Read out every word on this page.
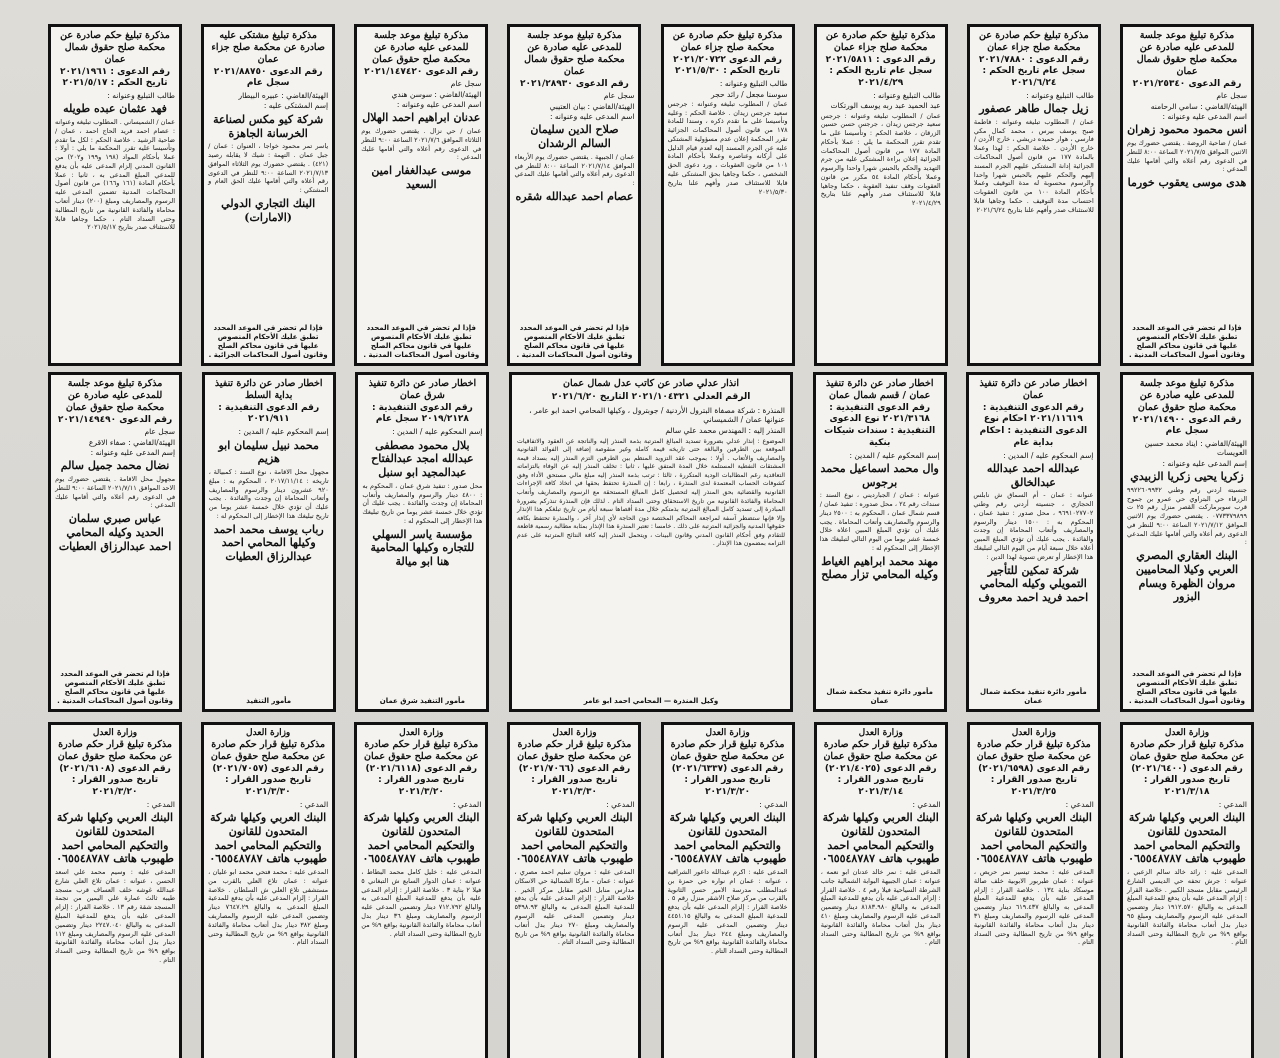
مذكرة تبليغ موعد جلسة للمدعى عليه صادرة عن محكمة صلح حقوق شمال عمان
رقم الدعوى ٢٠٢١/٢٥٣٤٠
سجل عام
الهيئة/القاضي : سامي الرحامنه
اسم المدعى عليه وعنوانه :
انس محمود محمود زهران
عمان / ضاحية الروضة . يقتضي حضورك يوم الاثنين الموافق ٢٠٢١/٧/٥ الساعة ٨:٠٠ للنظر في الدعوى رقم أعلاه والتي أقامها عليك المدعي :
هدى موسى يعقوب خورما
فإذا لم تحضر في الموعد المحدد تطبق عليك الأحكام المنصوص عليها في قانون محاكم الصلح وقانون أصول المحاكمات المدنية .
مذكرة تبليغ حكم صادرة عن محكمة صلح جزاء عمان
رقم الدعوى : ٢٠٢١/٧٨٨٠ سجل عام تاريخ الحكم : ٢٠٢١/٦/٢٤
طالب التبليغ وعنوانه :
زيل جمال طاهر عصفور
عمان / المطلوب تبليغه وعنوانه : فاطمة صبح يوسف بيرس ، محمد كمال مكي فارسي ، هوار حميده دريشي ، خارج الأردن / خارج الأردن . خلاصة الحكم : لهذا وعملا بالمادة ١٧٧ من قانون أصول المحاكمات الجزائية إدانة المشتكى عليهم الجرم المسند إليهم والحكم عليهم بالحبس شهرا واحدا والرسوم محسوبة له مدة التوقيف وعملا بأحكام المادة ١٠٠ من قانون العقوبات احتساب مدة التوقيف . حكما وجاهيا قابلا للاستئناف صدر وأفهم علنا بتاريخ ٢٠٢١/٦/٢٤
مذكرة تبليغ حكم صادرة عن محكمة صلح جزاء عمان
رقم الدعوى : ٢٠٢١/٥٨١١ سجل عام تاريخ الحكم : ٢٠٢١/٤/٢٩
طالب التبليغ وعنوانه :
عبد الحميد عبد ربه يوسف الورتكات
عمان / المطلوب تبليغه وعنوانه : جرجس سعيد جرجس زيدان ، جرجس حسن حسين الزرقان ، خلاصة الحكم : وتأسيسا على ما تقدم تقرر المحكمة ما يلي : عملا بأحكام المادة ١٧٧ من قانون أصول المحاكمات الجزائية إعلان براءة المشتكى عليه من جرم التهديد والحكم بالحبس شهرا واحدا والرسوم وعملا بأحكام المادة ٥٤ مكرر من قانون العقوبات وقف تنفيذ العقوبة ، حكما وجاهيا قابلا للاستئناف صدر وأفهم علنا بتاريخ ٢٠٢١/٤/٢٩
مذكرة تبليغ حكم صادرة عن محكمة صلح جزاء عمان
رقم الدعوى ٢٠٢١/٢٠٧٢٢ تاريخ الحكم : ٢٠٢١/٥/٣٠
طالب التبليغ وعنوانه :
سوسنا مجعل / رائد حجر
عمان / المطلوب تبليغه وعنوانه : جرجس سعيد جرجس زيدان . خلاصة الحكم : وعليه وتأسيسا على ما تقدم ذكره ، وسندا للمادة ١٧٨ من قانون أصول المحاكمات الجزائية تقرر المحكمة إعلان عدم مسؤولية المشتكى عليه عن الجرم المسند إليه لعدم قيام الدليل على أركانه وعناصره وعملا بأحكام المادة ١٠١ من قانون العقوبات ، ورد دعوى الحق الشخصي ، حكما وجاهيا بحق المشتكى عليه قابلا للاستئناف صدر وأفهم علنا بتاريخ ٢٠٢١/٥/٣٠
مذكرة تبليغ موعد جلسة للمدعى عليه صادرة عن محكمة صلح حقوق شمال عمان
رقم الدعوى ٢٠٢١/٢٨٩٣٠
سجل عام
الهيئة/القاضي : بيان العتيبي
اسم المدعى عليه وعنوانه :
صلاح الدين سليمان السالم الرشدان
عمان / الجبيهة . يقتضي حضورك يوم الأربعاء الموافق ٢٠٢١/٧/١٤ الساعة ٨:٠٠ للنظر في الدعوى رقم أعلاه والتي أقامها عليك المدعي :
عصام احمد عبدالله شقره
فإذا لم تحضر في الموعد المحدد تطبق عليك الأحكام المنصوص عليها في قانون محاكم الصلح وقانون أصول المحاكمات المدنية .
مذكرة تبليغ موعد جلسة للمدعى عليه صادرة عن محكمة صلح حقوق عمان
رقم الدعوى ٢٠٢١/١٤٧٤٢٠
سجل عام
الهيئة/القاضي : سوسن هندي
اسم المدعى عليه وعنوانه :
عدنان ابراهيم احمد الهلال
عمان / حي نزال . يقتضي حضورك يوم الثلاثاء الموافق ٢٠٢١/٧/٦ الساعة ٩:٠٠ للنظر في الدعوى رقم أعلاه والتي أقامها عليك المدعي :
موسى عبدالغفار امين السعيد
فإذا لم تحضر في الموعد المحدد تطبق عليك الأحكام المنصوص عليها في قانون محاكم الصلح وقانون أصول المحاكمات المدنية .
مذكرة تبليغ مشتكى عليه صادرة عن محكمة صلح جزاء عمان
رقم الدعوى ٢٠٢١/٨٨٧٥٠ سجل عام
الهيئة/القاضي : عبيره البيطار
إسم المشتكى عليه :
شركة كيو مكس لصناعة الخرسانة الجاهزة
ياسر تمر محمود خواجا ، العنوان : عمان / جبل عمان . التهمة : شيك لا يقابله رصيد (٤٢١) . يقتضي حضورك يوم الثلاثاء الموافق ٢٠٢١/٧/١٣ الساعة ٩:٠٠ للنظر في الدعوى رقم أعلاه والتي أقامها عليك الحق العام و المشتكي :
البنك التجاري الدولي (الامارات)
فإذا لم تحضر في الموعد المحدد تطبق عليك الأحكام المنصوص عليها في قانون محاكم الصلح وقانون أصول المحاكمات الجزائية .
مذكرة تبليغ حكم صادرة عن محكمة صلح حقوق شمال عمان
رقم الدعوى : ٢٠٢١/١٩٦١ تاريخ الحكم : ٢٠٢١/٥/١٧
طالب التبليغ وعنوانه :
فهد عثمان عبده طويله
عمان / الشميساني . المطلوب تبليغه وعنوانه : عصام احمد فريد الحاج احمد ، عمان / ضاحية الرشيد . خلاصة الحكم : لكل ما تقدم وتأسيسا عليه تقرر المحكمة ما يلي : أولا : عملا بأحكام المواد (١٩٨ و١٩٩ و٢٠٢) من القانون المدني إلزام المدعى عليه بأن يدفع للمدعي المبلغ المدعى به ، ثانيا : عملا بأحكام المادة (١٦١ و١٦٦) من قانون أصول المحاكمات المدنية تضمين المدعى عليه الرسوم والمصاريف ومبلغ (٢٠٠) دينار أتعاب محاماة والفائدة القانونية من تاريخ المطالبة وحتى السداد التام ، حكما وجاهيا قابلا للاستئناف صدر بتاريخ ٢٠٢١/٥/١٧
مذكرة تبليغ موعد جلسة للمدعى عليه صادرة عن محكمة صلح حقوق عمان
رقم الدعوى ٢٠٢١/١٤٩٠٠ سجل عام
الهيئة/القاضي : ايناد محمد حسين العويسات
إسم المدعى عليه وعنوانه :
زكريا يحيى زكريا الزبيدي
جنسيته اردني رقم وطني ٩٩٢٢٦٠٩٩٣٢ الزرقاء حي البتراوي حي عمرو بن جموح قرب سوبرماركت القصر منزل رقم ٢٥ ت ٠٧٧٣٣٧٩٨٩٩ . يقتضي حضورك يوم الاثنين الموافق ٢٠٢١/٧/١٢ الساعة ٩:٠٠ للنظر في الدعوى رقم أعلاه والتي أقامها عليك المدعي :
البنك العقاري المصري العربي وكيلا المحاميين مروان الظهرة وبسام البزور
فإذا لم تحضر في الموعد المحدد تطبق عليك الأحكام المنصوص عليها في قانون محاكم الصلح وقانون أصول المحاكمات المدنية .
اخطار صادر عن دائرة تنفيذ عمان
رقم الدعوى التنفيذية : ٢٠٢١/١١٦١٩ احكام نوع الدعوى التنفيذية : احكام بداية عام
إسم المحكوم عليه / المدين :
عبدالله احمد عبدالله عبدالخالق
عنوانه : عمان - أم السماق ش نابلس الحجازي ، جنسيته أردني رقم وطني ٩٦٩١٠٢٧٧٠٢ ، محل صدور : تنفيذ عمان ، المحكوم به : ١٥٠٠ دينار والرسوم والمصاريف وأتعاب المحاماة إن وجدت والفائدة . يجب عليك أن تؤدي المبلغ المبين أعلاه خلال سبعة أيام من اليوم التالي لتبليغك هذا الإخطار أو تعرض تسوية لهذا الدين :
شركة تمكين للتأجير التمويلي وكيله المحامي احمد فريد احمد معروف
مأمور دائرة تنفيذ محكمة شمال عمان
اخطار صادر عن دائرة تنفيذ عمان / قسم شمال عمان
رقم الدعوى التنفيذية : ٢٠٢١/٣١٦٨ نوع الدعوى التنفيذية : سندات شيكات بنكية
إسم المحكوم عليه / المدين :
وال محمد اسماعيل محمد برجوس
عنوانه : عمان / الجبارديني ، نوع السند : سندات رقم ٢٤ ، محل صدوره : تنفيذ عمان / قسم شمال عمان ، المحكوم به : ٢٥٠٠ دينار والرسوم والمصاريف وأتعاب المحاماة . يجب عليك أن تؤدي المبلغ المبين اعلاه خلال خمسة عشر يوما من اليوم التالي لتبليغك هذا الإخطار إلى المحكوم له :
مهند محمد ابراهيم الغياط وكيله المحامي تزار مصلح
مأمور دائرة تنفيذ محكمة شمال عمان
انذار عدلي صادر عن كاتب عدل شمال عمان
الرقم العدلي ٢٠٢١/١٠٤٣٢١ التاريخ ٢٠٢١/٦/٢٠
المنذرة : شركة مصفاة البترول الأردنية / جوبترول ، وكيلها المحامي احمد ابو عامر ، عنوانها عمان / الشميساني
المنذر إليه : المهندس محمد علي سالم
الموضوع : إنذار عدلي بضرورة تسديد المبالغ المترتبة بذمة المنذر إليه والناتجة عن العقود والاتفاقيات الموقعة بين الطرفين والبالغة حتى تاريخه قيمة كاملة وغير منقوصة إضافة إلى الفوائد القانونية والمصاريف والأتعاب . أولا : بموجب عقد التزويد المنظم بين الطرفين التزم المنذر إليه بسداد قيمة المشتقات النفطية المستلمة خلال المدة المتفق عليها ، ثانيا : تخلف المنذر إليه عن الوفاء بالتزاماته التعاقدية رغم المطالبات الودية المتكررة ، ثالثا : ترتب بذمة المنذر إليه مبلغ مالي مستحق الأداء وفق كشوفات الحساب المعتمدة لدى المنذرة ، رابعا : إن المنذرة تحتفظ بحقها في اتخاذ كافة الإجراءات القانونية والقضائية بحق المنذر إليه لتحصيل كامل المبالغ المستحقة مع الرسوم والمصاريف وأتعاب المحاماة والفائدة القانونية من تاريخ الاستحقاق وحتى السداد التام . لذلك فإن المنذرة تنذركم بضرورة المبادرة إلى تسديد كامل المبالغ المترتبة بذمتكم خلال مدة أقصاها سبعة أيام من تاريخ تبلغكم هذا الإنذار وإلا فإنها ستضطر آسفة لمراجعة المحاكم المختصة دون الحاجة لأي إنذار آخر ، والمنذرة تحتفظ بكافة حقوقها المدنية والجزائية المترتبة على ذلك . خامسا : تعتبر المنذرة هذا الإنذار بمثابة مطالبة رسمية قاطعة للتقادم وفق أحكام القانون المدني وقانون البينات ، ويتحمل المنذر إليه كافة النتائج المترتبة على عدم التزامه بمضمون هذا الإنذار .
وكيل المنذرة — المحامي احمد ابو عامر
اخطار صادر عن دائرة تنفيذ شرق عمان
رقم الدعوى التنفيذية : ٢٠١٩/٢١٢٨ سجل عام
إسم المحكوم عليه / المدين :
بلال محمود مصطفى عبدالله امجد عبدالفتاح عبدالمجيد ابو سنبل
محل صدور : تنفيذ شرق عمان ، المحكوم به : ٤٨٠٠ دينار والرسوم والمصاريف وأتعاب المحاماة إن وجدت والفائدة . يجب عليك أن تؤدي خلال خمسة عشر يوما من تاريخ تبليغك هذا الإخطار إلى المحكوم له :
مؤسسة ياسر السهلي للتجاره وكيلها المحامية هنا ابو ميالة
مأمور التنفيذ شرق عمان
اخطار صادر عن دائرة تنفيذ بداية السلط
رقم الدعوى التنفيذية : ٢٠٢١/٩١١
إسم المحكوم عليه / المدين :
محمد نبيل سليمان ابو هزيم
مجهول محل الاقامة ، نوع السند : كمبيالة ، تاريخه : ٢٠١٧/١١/١٤ ، المحكوم به : مبلغ ٩٢٠ عشرون دينار والرسوم والمصاريف وأتعاب المحاماة إن وجدت والفائدة . يجب عليك أن تؤدي خلال خمسة عشر يوما من تاريخ تبليغك هذا الإخطار إلى المحكوم له :
رباب يوسف محمد احمد وكيلها المحامي احمد عبدالرزاق العطيات
مأمور التنفيذ
مذكرة تبليغ موعد جلسة للمدعى عليه صادرة عن محكمة صلح حقوق عمان
رقم الدعوى ٢٠٢١/١٤٩٤٩٠
سجل عام
الهيئة/القاضي : صفاء الاقرع
إسم المدعى عليه وعنوانه :
نضال محمد جميل سالم
مجهول محل الاقامة . يقتضي حضورك يوم الاحد الموافق ٢٠٢١/٧/١١ الساعة ٩:٠٠ للنظر في الدعوى رقم أعلاه والتي أقامها عليك المدعي :
عباس صبري سلمان الحديد وكيله المحامي احمد عبدالرزاق العطيات
فإذا لم تحضر في الموعد المحدد تطبق عليك الأحكام المنصوص عليها في قانون محاكم الصلح وقانون أصول المحاكمات المدنية .
وزارة العدل
مذكرة تبليغ قرار حكم صادرة عن محكمة صلح حقوق عمان
رقم الدعوى (٢٠٢١/٦٤٠٠) تاريخ صدور القرار : ٢٠٢١/٣/١٨
المدعي :
البنك العربي وكيلها شركة المتحدون للقانون والتحكيم المحامي احمد طهبوب هاتف ٠٦٥٥٤٨٧٨٧
المدعى عليه : رائد خالد سالم الزعبي ، عنوانه : جرش تحفه حي الديسي الشارع الرئيسي مقابل مسجد الكبير . خلاصة القرار : إلزام المدعى عليه بأن يدفع للمدعية المبلغ المدعى به والبالغ ١٩١٢.٥٧٠ دينار وتضمين المدعى عليه الرسوم والمصاريف ومبلغ ٩٥ دينار بدل أتعاب محاماة والفائدة القانونية بواقع ٩% من تاريخ المطالبة وحتى السداد التام .
وزارة العدل
مذكرة تبليغ قرار حكم صادرة عن محكمة صلح حقوق عمان
رقم الدعوى (٢٠٢١/٦٥٩٨) تاريخ صدور القرار : ٢٠٢١/٣/٢٥
المدعي :
البنك العربي وكيلها شركة المتحدون للقانون والتحكيم المحامي احمد طهبوب هاتف ٠٦٥٥٤٨٧٨٧
المدعى عليه : محمد تيسير نمر حريص ، عنوانه : عمان طبربور الابوبية خلف صالة موسكاد بناية ١٣٤ . خلاصة القرار : إلزام المدعى عليه بأن يدفع للمدعية المبلغ المدعى به والبالغ ٦١٩.٤٣٧ دينار وتضمين المدعى عليه الرسوم والمصاريف ومبلغ ٣١ دينار بدل أتعاب محاماة والفائدة القانونية بواقع ٩% من تاريخ المطالبة وحتى السداد التام .
وزارة العدل
مذكرة تبليغ قرار حكم صادرة عن محكمة صلح حقوق عمان
رقم الدعوى (٢٠٢١/٤٠٢٥) تاريخ صدور القرار : ٢٠٢١/٣/١٤
المدعي :
البنك العربي وكيلها شركة المتحدون للقانون والتحكيم المحامي احمد طهبوب هاتف ٠٦٥٥٤٨٧٨٧
المدعى عليه : نمر خالد عدنان ابو نعمه ، عنوانه : عمان الجبيهة البوابة الشمالية جانب الشرطة السياحية فيلا رقم ٤ . خلاصة القرار : إلزام المدعى عليه بأن يدفع للمدعية المبلغ المدعى به والبالغ ٨١٨٣.٩٨٠ دينار وتضمين المدعى عليه الرسوم والمصاريف ومبلغ ٤١٠ دينار بدل أتعاب محاماة والفائدة القانونية بواقع ٩% من تاريخ المطالبة وحتى السداد التام .
وزارة العدل
مذكرة تبليغ قرار حكم صادرة عن محكمة صلح حقوق عمان
رقم الدعوى (٢٠٢١/٦٣٣٧) تاريخ صدور القرار : ٢٠٢١/٣/٢٠
المدعي :
البنك العربي وكيلها شركة المتحدون للقانون والتحكيم المحامي احمد طهبوب هاتف ٠٦٥٥٤٨٧٨٧
المدعى عليه : اكرم عبدالله داعور الشراقبه ، عنوانه : عمان ام نواره حي حمزة بن عبدالمطلب مدرسة الامير حسن الثانوية بالقرب من مركز صلاح الاشقر منزل رقم ٥ . خلاصة القرار : إلزام المدعى عليه بأن يدفع للمدعية المبلغ المدعى به والبالغ ٤٤٥١.١٥ دينار وتضمين المدعى عليه الرسوم والمصاريف ومبلغ ٢٤٤ دينار بدل أتعاب محاماة والفائدة القانونية بواقع ٩% من تاريخ المطالبة وحتى السداد التام .
وزارة العدل
مذكرة تبليغ قرار حكم صادرة عن محكمة صلح حقوق عمان
رقم الدعوى (٢٠٢١/٧٠٦٦) تاريخ صدور القرار : ٢٠٢١/٣/٣٠
المدعي :
البنك العربي وكيلها شركة المتحدون للقانون والتحكيم المحامي احمد طهبوب هاتف ٠٦٥٥٤٨٧٨٧
المدعى عليه : مروان سليم احمد مصري ، عنوانه : عمان - ماركا الشمالية حي الاسكان مدارس منابل الخير مقابل مركز الخير . خلاصة القرار : إلزام المدعى عليه بأن يدفع للمدعية المبلغ المدعى به والبالغ ٥٣٩٨.٩٣ دينار وتضمين المدعى عليه الرسوم والمصاريف ومبلغ ٢٧٠ دينار بدل أتعاب محاماة والفائدة القانونية بواقع ٩% من تاريخ المطالبة وحتى السداد التام .
وزارة العدل
مذكرة تبليغ قرار حكم صادرة عن محكمة صلح حقوق عمان
رقم الدعوى (٢٠٢١/٦١١٨) تاريخ صدور القرار : ٢٠٢١/٣/٢٠
المدعي :
البنك العربي وكيلها شركة المتحدون للقانون والتحكيم المحامي احمد طهبوب هاتف ٠٦٥٥٤٨٧٨٧
المدعى عليه : خليل كامل محمد البطاط ، عنوانه : عمان الدوار السابع ش التبغاني ٥ فيلا ٢ بناية ٣ . خلاصة القرار : إلزام المدعى عليه بأن يدفع للمدعية المبلغ المدعى به والبالغ ٧١٢.٧٩٢ دينار وتضمين المدعى عليه الرسوم والمصاريف ومبلغ ٣٦ دينار بدل أتعاب محاماة والفائدة القانونية بواقع ٩% من تاريخ المطالبة وحتى السداد التام .
وزارة العدل
مذكرة تبليغ قرار حكم صادرة عن محكمة صلح حقوق عمان
رقم الدعوى (٢٠٢١/٧٠٥٧) تاريخ صدور القرار : ٢٠٢١/٣/٣٠
المدعي :
البنك العربي وكيلها شركة المتحدون للقانون والتحكيم المحامي احمد طهبوب هاتف ٠٦٥٥٤٨٧٨٧
المدعى عليه : محمد فتحي محمد ابو عليان ، عنوانه : عمان تلاع العلي بالقرب من مستشفى تلاع العلي ش السلطان . خلاصة القرار : إلزام المدعى عليه بأن يدفع للمدعية المبلغ المدعى به والبالغ ٧٦٤٧.٢٩ دينار وتضمين المدعى عليه الرسوم والمصاريف ومبلغ ٣٨٢ دينار بدل أتعاب محاماة والفائدة القانونية بواقع ٩% من تاريخ المطالبة وحتى السداد التام .
وزارة العدل
مذكرة تبليغ قرار حكم صادرة عن محكمة صلح حقوق عمان
رقم الدعوى (٢٠٢١/٦١٠٨) تاريخ صدور القرار : ٢٠٢١/٣/٢٠
المدعي :
البنك العربي وكيلها شركة المتحدون للقانون والتحكيم المحامي احمد طهبوب هاتف ٠٦٥٥٤٨٧٨٧
المدعى عليه : وسيم محمد علي اسعد الحسن ، عنوانه : عمان تلاع العلي شارع عبدالله غوشه خلف العساف قرب مسجد طيبه ثالث عمارة علي اليمين من نجمة المسجد شقة رقم ١٣ . خلاصة القرار : إلزام المدعى عليه بأن يدفع للمدعية المبلغ المدعى به والبالغ ٢٢٤٧.٠٤٠ دينار وتضمين المدعى عليه الرسوم والمصاريف ومبلغ ١١٢ دينار بدل أتعاب محاماة والفائدة القانونية بواقع ٩% من تاريخ المطالبة وحتى السداد التام .
